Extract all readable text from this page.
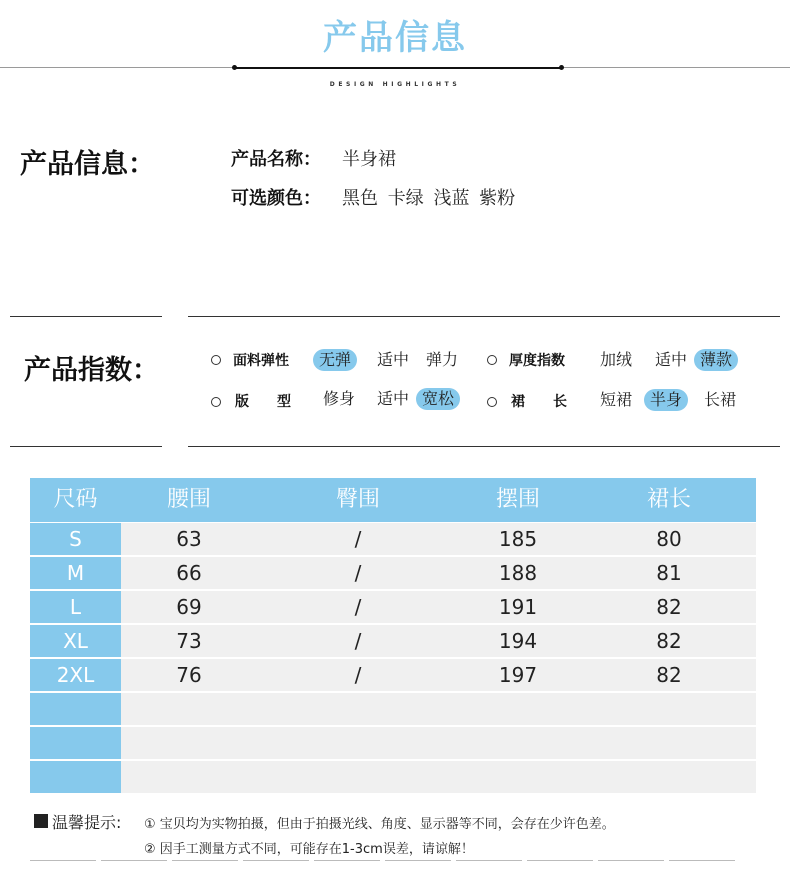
产品信息
DESIGN HIGHLIGHTS
产品信息：	产品名称： 半身裙
可选颜色： 黑色 卡绿 浅蓝 紫粉
产品指数：	面料弹性	无弹	适中 弹力	厚度指数 加绒 适中 薄款
版　　型 修身 适中 宽松	裙　　长 短裙	半身	长裙
尺码	腰围	臀围	摆围	裙长
S	63	/	185	80
M	66	/	188	81
L	69	/	191	82
XL	73	/	194	82
2XL	76	/	197	82
温馨提示: ① 宝贝均为实物拍摄，但由于拍摄光线、角度、显示器等不同，会存在少许色差。
② 因手工测量方式不同，可能存在1-3cm误差，请谅解！
